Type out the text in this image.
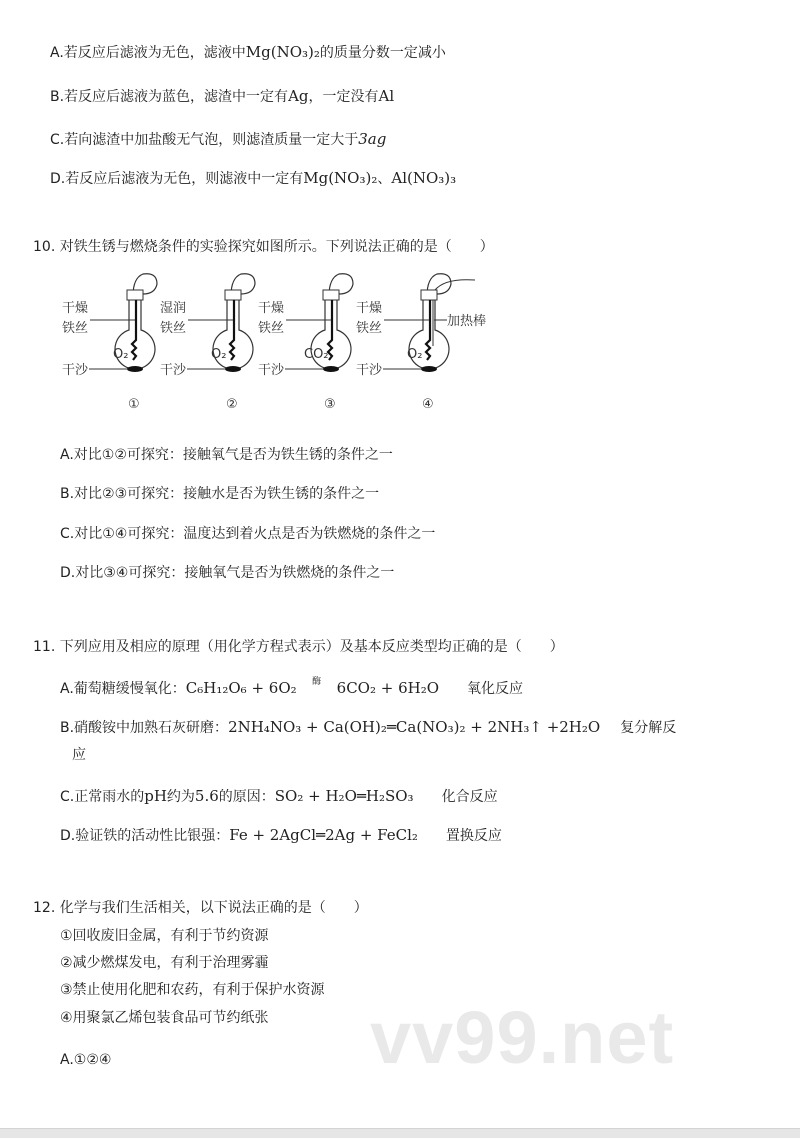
A.若反应后滤液为无色，滤液中Mg(NO₃)₂的质量分数一定减小
B.若反应后滤液为蓝色，滤渣中一定有Ag，一定没有Al
C.若向滤渣中加盐酸无气泡，则滤渣质量一定大于3ag
D.若反应后滤液为无色，则滤液中一定有Mg(NO₃)₂、Al(NO₃)₃
10. 对铁生锈与燃烧条件的实验探究如图所示。下列说法正确的是（　　）
干燥
铁丝
O₂
干沙
①
湿润
铁丝
O₂
干沙
②
干燥
铁丝
CO₂
干沙
③
加热棒
干燥
铁丝
O₂
干沙
④
A.对比①②可探究：接触氧气是否为铁生锈的条件之一
B.对比②③可探究：接触水是否为铁生锈的条件之一
C.对比①④可探究：温度达到着火点是否为铁燃烧的条件之一
D.对比③④可探究：接触氧气是否为铁燃烧的条件之一
11. 下列应用及相应的原理（用化学方程式表示）及基本反应类型均正确的是（　　）
A.葡萄糖缓慢氧化：C₆H₁₂O₆ + 6O₂ 酶 6CO₂ + 6H₂O 氧化反应
B.硝酸铵中加熟石灰研磨：2NH₄NO₃ + Ca(OH)₂═Ca(NO₃)₂ + 2NH₃↑ +2H₂O 复分解反
应
C.正常雨水的pH约为5.6的原因：SO₂ + H₂O═H₂SO₃ 化合反应
D.验证铁的活动性比银强：Fe + 2AgCl═2Ag + FeCl₂ 置换反应
12. 化学与我们生活相关，以下说法正确的是（　　）
①回收废旧金属，有利于节约资源
②减少燃煤发电，有利于治理雾霾
③禁止使用化肥和农药，有利于保护水资源
④用聚氯乙烯包装食品可节约纸张
A.①②④	vv99.net
